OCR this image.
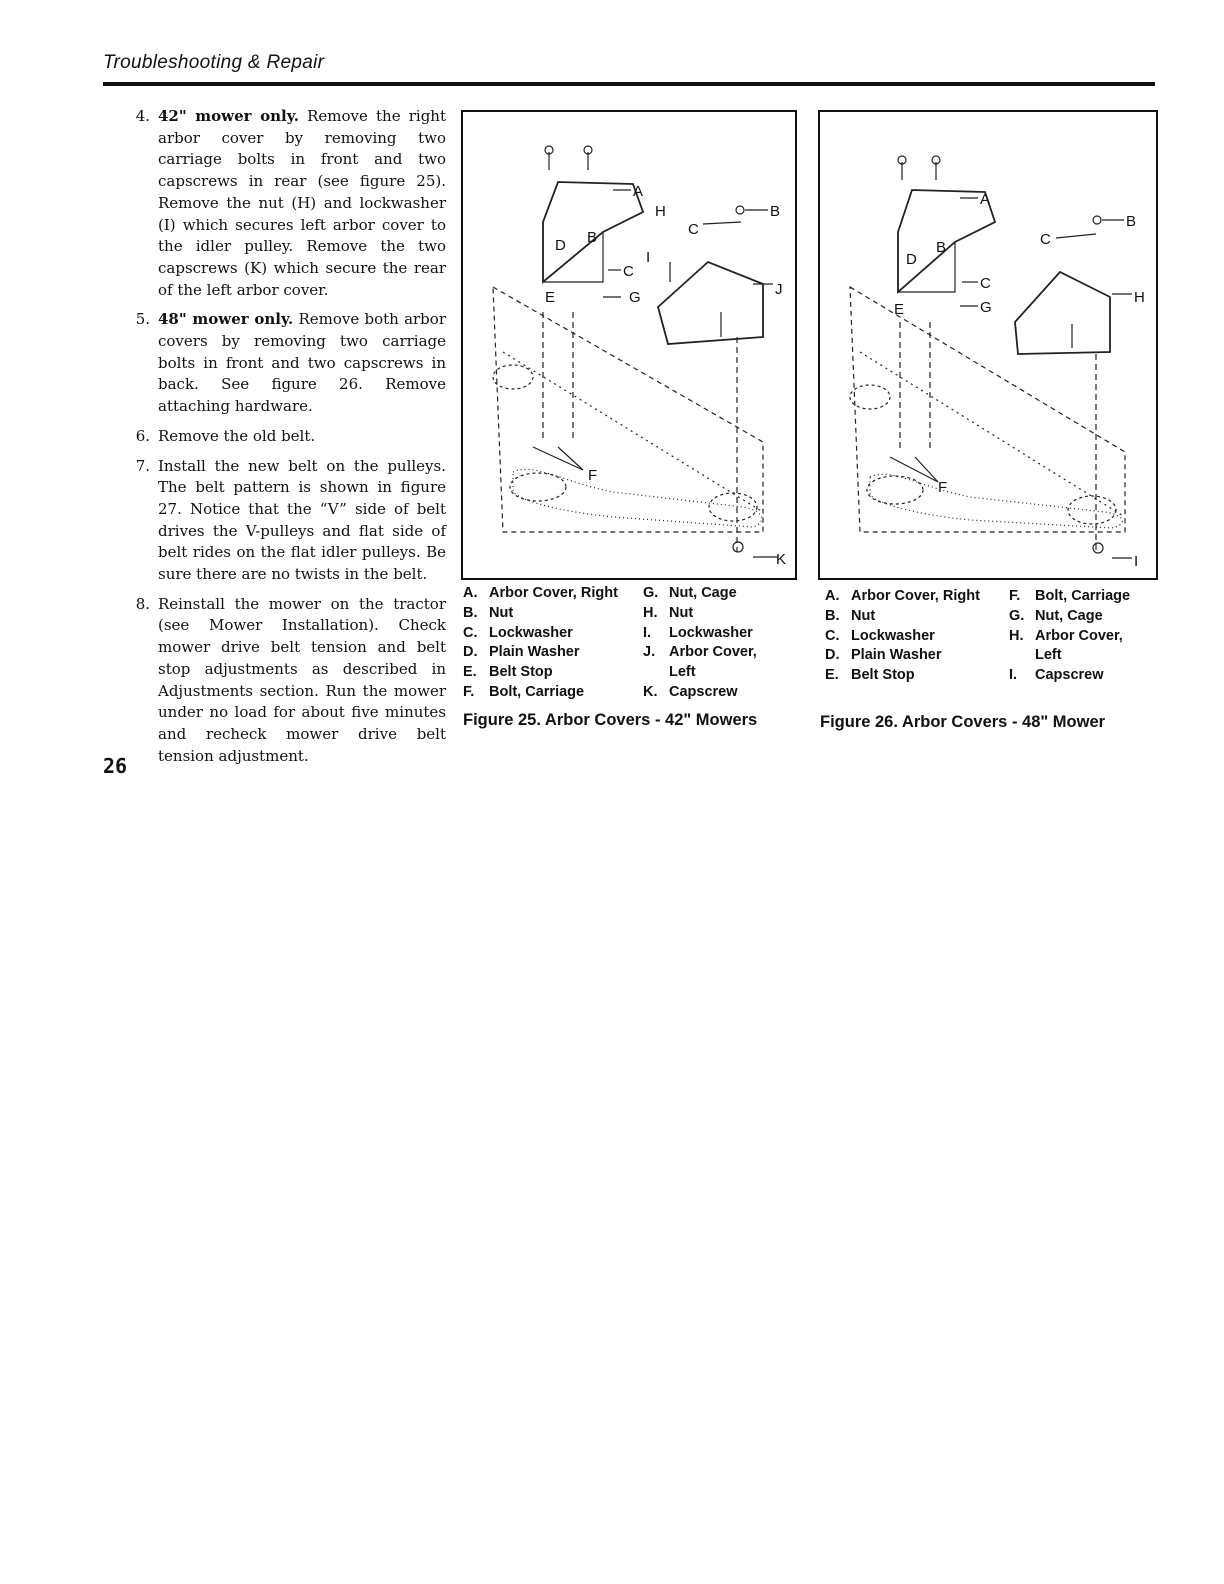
Troubleshooting & Repair
4. 42" mower only. Remove the right arbor cover by removing two carriage bolts in front and two capscrews in rear (see figure 25). Remove the nut (H) and lockwasher (I) which secures left arbor cover to the idler pulley. Remove the two capscrews (K) which secure the rear of the left arbor cover.
5. 48" mower only. Remove both arbor covers by removing two carriage bolts in front and two capscrews in back. See figure 26. Remove attaching hardware.
6. Remove the old belt.
7. Install the new belt on the pulleys. The belt pattern is shown in figure 27. Notice that the “V” side of belt drives the V-pulleys and flat side of belt rides on the flat idler pulleys. Be sure there are no twists in the belt.
8. Reinstall the mower on the tractor (see Mower Installation). Check mower drive belt tension and belt stop adjustments as described in Adjustments section. Run the mower under no load for about five minutes and recheck mower drive belt tension adjustment.
A
B
C
D
E
F
G
H
I
J
K
B
C
A. Arbor Cover, Right
B. Nut
C. Lockwasher
D. Plain Washer
E. Belt Stop
F. Bolt, Carriage
G. Nut, Cage
H. Nut
I. Lockwasher
J. Arbor Cover,
Left
K. Capscrew
Figure 25. Arbor Covers - 42" Mowers
A
B
C
D
E
F
G
H
I
B
C
A. Arbor Cover, Right
B. Nut
C. Lockwasher
D. Plain Washer
E. Belt Stop
F. Bolt, Carriage
G. Nut, Cage
H. Arbor Cover,
Left
I. Capscrew
Figure 26. Arbor Covers - 48" Mower
26
